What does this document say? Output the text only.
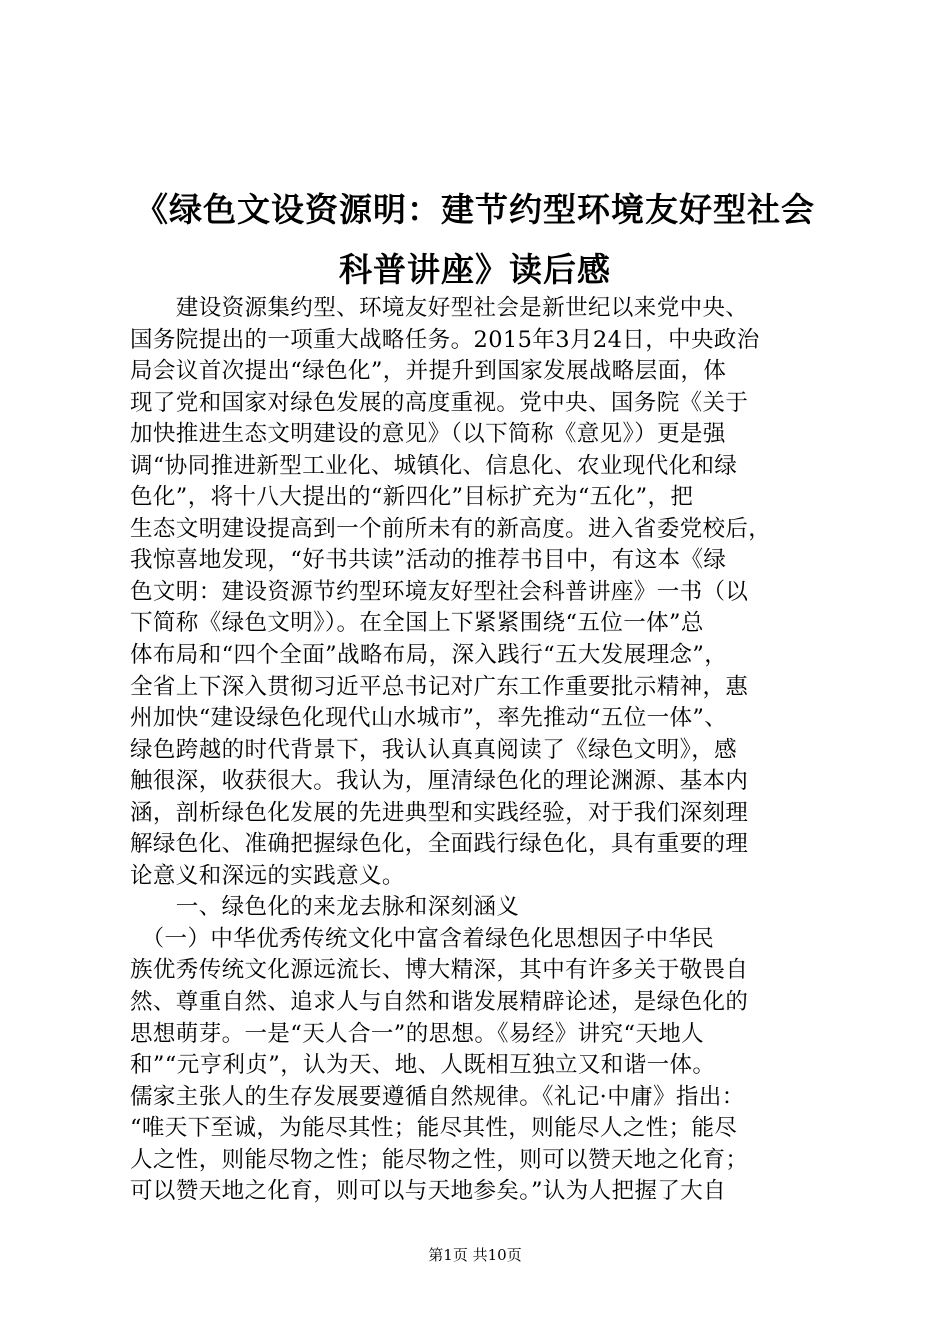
《绿色文设资源明：建节约型环境友好型社会
科普讲座》读后感
　　建设资源集约型、环境友好型社会是新世纪以来党中央、
国务院提出的一项重大战略任务。2015年3月24日，中央政治
局会议首次提出“绿色化”，并提升到国家发展战略层面，体
现了党和国家对绿色发展的高度重视。党中央、国务院《关于
加快推进生态文明建设的意见》（以下简称《意见》）更是强
调“协同推进新型工业化、城镇化、信息化、农业现代化和绿
色化”，将十八大提出的“新四化”目标扩充为“五化”，把
生态文明建设提高到一个前所未有的新高度。进入省委党校后，
我惊喜地发现，“好书共读”活动的推荐书目中，有这本《绿
色文明：建设资源节约型环境友好型社会科普讲座》一书（以
下简称《绿色文明》）。在全国上下紧紧围绕“五位一体”总
体布局和“四个全面”战略布局，深入践行“五大发展理念”，
全省上下深入贯彻习近平总书记对广东工作重要批示精神，惠
州加快“建设绿色化现代山水城市”，率先推动“五位一体”、
绿色跨越的时代背景下，我认认真真阅读了《绿色文明》，感
触很深，收获很大。我认为，厘清绿色化的理论渊源、基本内
涵，剖析绿色化发展的先进典型和实践经验，对于我们深刻理
解绿色化、准确把握绿色化，全面践行绿色化，具有重要的理
论意义和深远的实践意义。
　　一、绿色化的来龙去脉和深刻涵义
　（一）中华优秀传统文化中富含着绿色化思想因子中华民
族优秀传统文化源远流长、博大精深，其中有许多关于敬畏自
然、尊重自然、追求人与自然和谐发展精辟论述，是绿色化的
思想萌芽。一是“天人合一”的思想。《易经》讲究“天地人
和”“元亨利贞”，认为天、地、人既相互独立又和谐一体。
儒家主张人的生存发展要遵循自然规律。《礼记·中庸》指出：
“唯天下至诚，为能尽其性；能尽其性，则能尽人之性；能尽
人之性，则能尽物之性；能尽物之性，则可以赞天地之化育；
可以赞天地之化育，则可以与天地参矣。”认为人把握了大自
第1页 共10页
